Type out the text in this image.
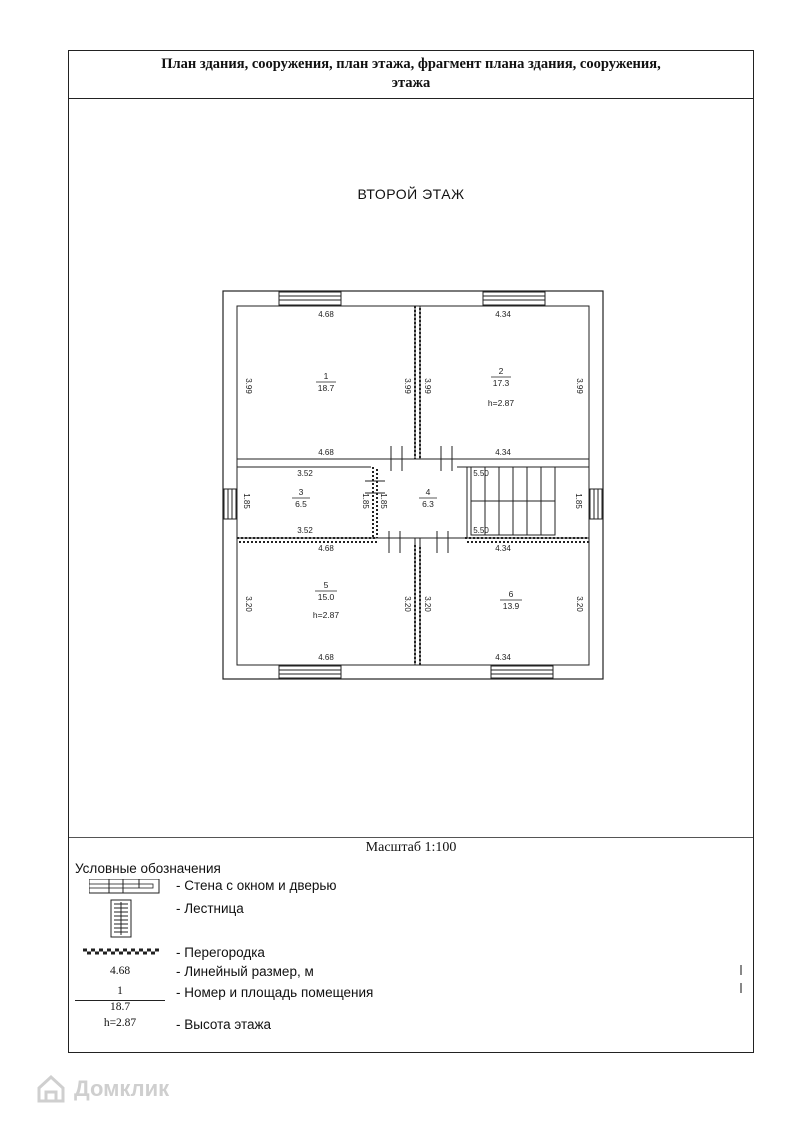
План здания, сооружения, план этажа, фрагмент плана здания, сооружения,
этажа
ВТОРОЙ ЭТАЖ
4.68
4.68
3.99	3.99
4.34
4.34
3.99	3.99
3.52
3.52
1.85	1.85 1.85
5.50
5.50
1.85
4.68
4.68
3.20	3.20
4.34
4.34
3.20	3.20
1
18.7
2
17.3
h=2.87
3
6.5
4
6.3
5
15.0
h=2.87
6
13.9
Масштаб 1:100
Условные обозначения
- Стена с окном и дверью
- Лестница
- Перегородка
4.68	- Линейный размер, м
1
18.7
- Номер и площадь помещения
h=2.87	- Высота этажа
Домклик
